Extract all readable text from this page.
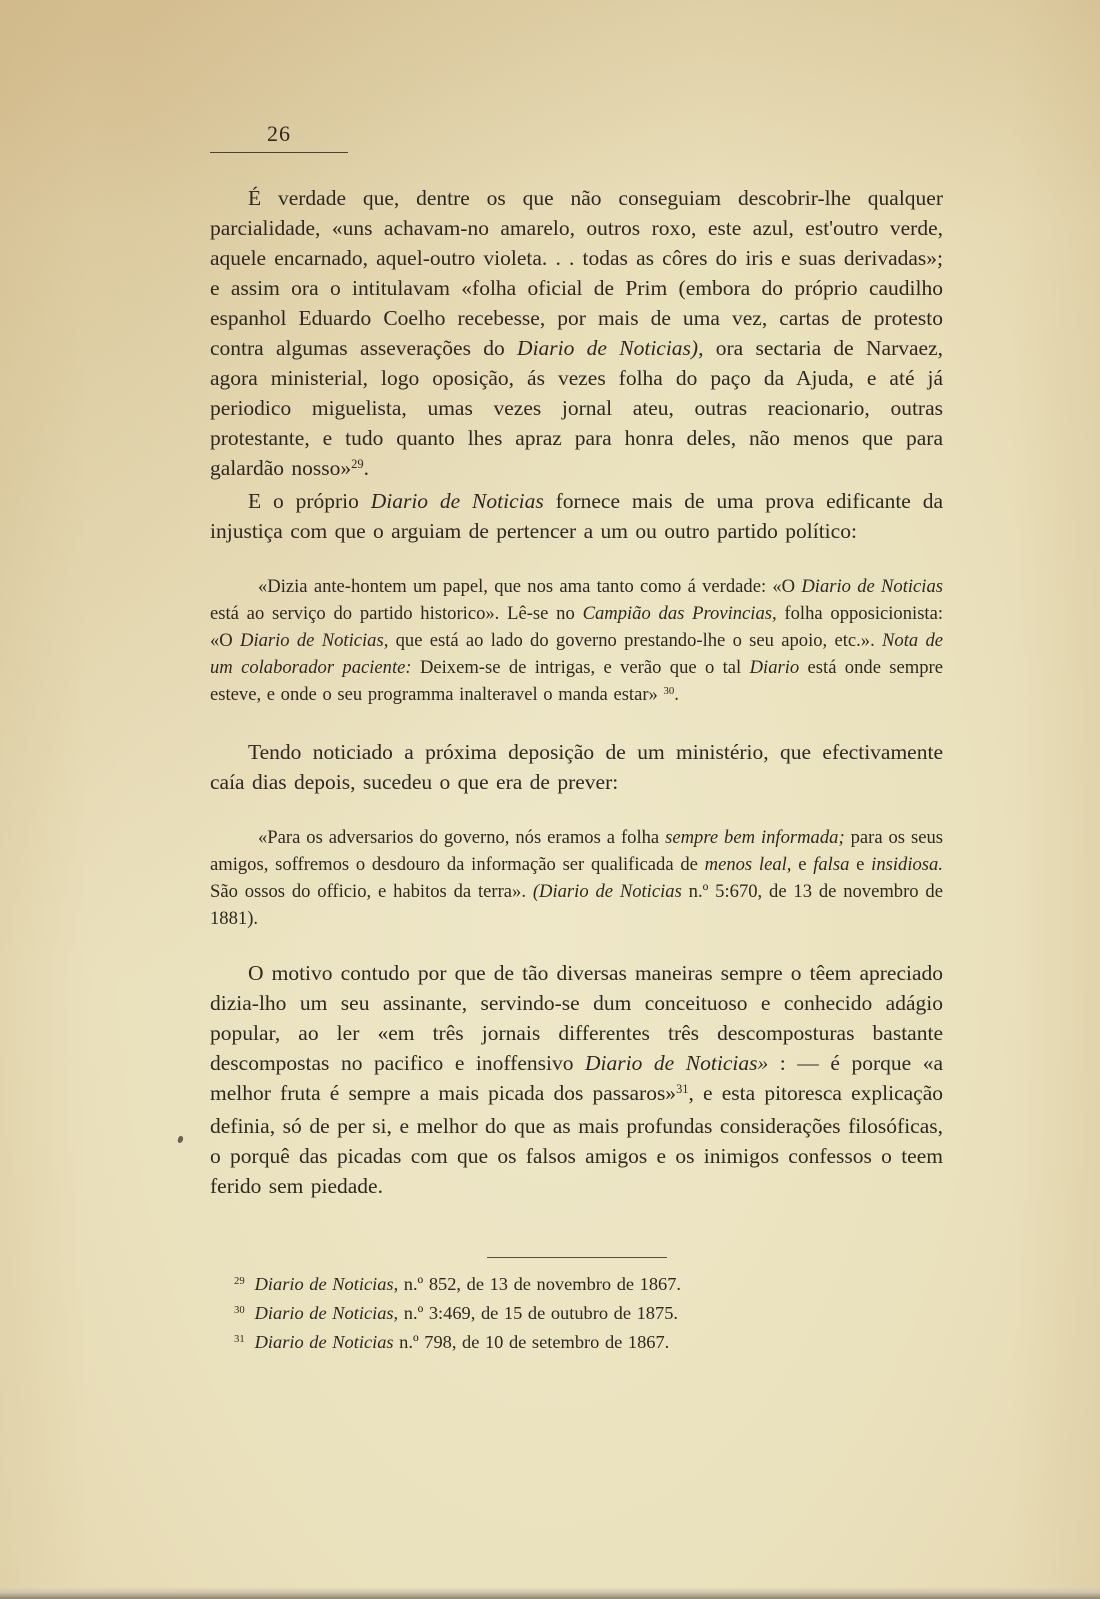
26

É verdade que, dentre os que não conseguiam descobrir-lhe qualquer parcialidade, «uns achavam-no amarelo, outros roxo, este azul, est'outro verde, aquele encarnado, aquel-outro violeta. . . todas as côres do iris e suas derivadas»; e assim ora o intitulavam «folha oficial de Prim (embora do próprio caudilho espanhol Eduardo Coelho recebesse, por mais de uma vez, cartas de protesto contra algumas asseverações do Diario de Noticias), ora sectaria de Narvaez, agora ministerial, logo oposição, ás vezes folha do paço da Ajuda, e até já periodico miguelista, umas vezes jornal ateu, outras reacionario, outras protestante, e tudo quanto lhes apraz para honra deles, não menos que para galardão nosso»$^{29}$.

E o próprio Diario de Noticias fornece mais de uma prova edificante da injustiça com que o arguiam de pertencer a um ou outro partido político:

«Dizia ante-hontem um papel, que nos ama tanto como á verdade: «O Diario de Noticias está ao serviço do partido historico». Lê-se no Campião das Provincias, folha opposicionista: «O Diario de Noticias, que está ao lado do governo prestando-lhe o seu apoio, etc.». Nota de um colaborador paciente: Deixem-se de intrigas, e verão que o tal Diario está onde sempre esteve, e onde o seu programma inalteravel o manda estar» $^{30}$.

Tendo noticiado a próxima deposição de um ministério, que efectivamente caía dias depois, sucedeu o que era de prever:

«Para os adversarios do governo, nós eramos a folha sempre bem informada; para os seus amigos, soffremos o desdouro da informação ser qualificada de menos leal, e falsa e insidiosa. São ossos do officio, e habitos da terra». (Diario de Noticias n.º 5:670, de 13 de novembro de 1881).

O motivo contudo por que de tão diversas maneiras sempre o têem apreciado dizia-lho um seu assinante, servindo-se dum conceituoso e conhecido adágio popular, ao ler «em três jornais differentes três descomposturas bastante descompostas no pacifico e inoffensivo Diario de Noticias» : — é porque «a melhor fruta é sempre a mais picada dos passaros»$^{31}$, e esta pitoresca explicação definia, só de per si, e melhor do que as mais profundas considerações filosóficas, o porquê das picadas com que os falsos amigos e os inimigos confessos o teem ferido sem piedade.

$^{29}$ Diario de Noticias, n.º 852, de 13 de novembro de 1867.

$^{30}$ Diario de Noticias, n.º 3:469, de 15 de outubro de 1875.

$^{31}$ Diario de Noticias n.º 798, de 10 de setembro de 1867.
